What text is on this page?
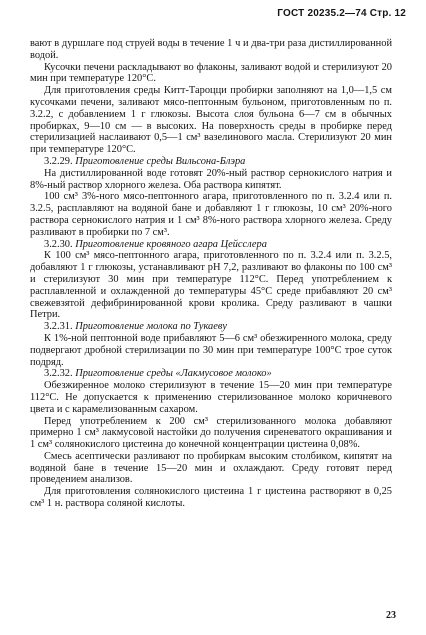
ГОСТ 20235.2—74 Стр. 12

вают в дуршлаге под струей воды в течение 1 ч и два-три раза дистиллированной водой.

Кусочки печени раскладывают во флаконы, заливают водой и стерилизуют 20 мин при температуре 120°С.

Для приготовления среды Китт-Тароцци пробирки заполняют на 1,0—1,5 см кусочками печени, заливают мясо-пептонным бульоном, приготовленным по п. 3.2.2, с добавлением 1 г глюкозы. Высота слоя бульона 6—7 см в обычных пробирках, 9—10 см — в высоких. На поверхность среды в пробирке перед стерилизацией наслаивают 0,5—1 см³ вазелинового масла. Стерилизуют 20 мин при температуре 120°С.

3.2.29. Приготовление среды Вильсона-Блэра

На дистиллированной воде готовят 20%-ный раствор сернокислого натрия и 8%-ный раствор хлорного железа. Оба раствора кипятят.

100 см³ 3%-ного мясо-пептонного агара, приготовленного по п. 3.2.4 или п. 3.2.5, расплавляют на водяной бане и добавляют 1 г глюкозы, 10 см³ 20%-ного раствора сернокислого натрия и 1 см³ 8%-ного раствора хлорного железа. Среду разливают в пробирки по 7 см³.

3.2.30. Приготовление кровяного агара Цейсслера

К 100 см³ мясо-пептонного агара, приготовленного по п. 3.2.4 или п. 3.2.5, добавляют 1 г глюкозы, устанавливают рН 7,2, разливают во флаконы по 100 см³ и стерилизуют 30 мин при температуре 112°С. Перед употреблением к расплавленной и охлажденной до температуры 45°С среде прибавляют 20 см³ свежевзятой дефибринированной крови кролика. Среду разливают в чашки Петри.

3.2.31. Приготовление молока по Тукаеву

К 1%-ной пептонной воде прибавляют 5—6 см³ обезжиренного молока, среду подвергают дробной стерилизации по 30 мин при температуре 100°С трое суток подряд.

3.2.32. Приготовление среды «Лакмусовое молоко»

Обезжиренное молоко стерилизуют в течение 15—20 мин при температуре 112°С. Не допускается к применению стерилизованное молоко коричневого цвета и с карамелизованным сахаром.

Перед употреблением к 200 см³ стерилизованного молока добавляют примерно 1 см³ лакмусовой настойки до получения сиреневатого окрашивания и 1 см³ солянокислого цистеина до конечной концентрации цистеина 0,08%.

Смесь асептически разливают по пробиркам высоким столбиком, кипятят на водяной бане в течение 15—20 мин и охлаждают. Среду готовят перед проведением анализов.

Для приготовления солянокислого цистеина 1 г цистеина растворяют в 0,25 см³ 1 н. раствора соляной кислоты.

23
